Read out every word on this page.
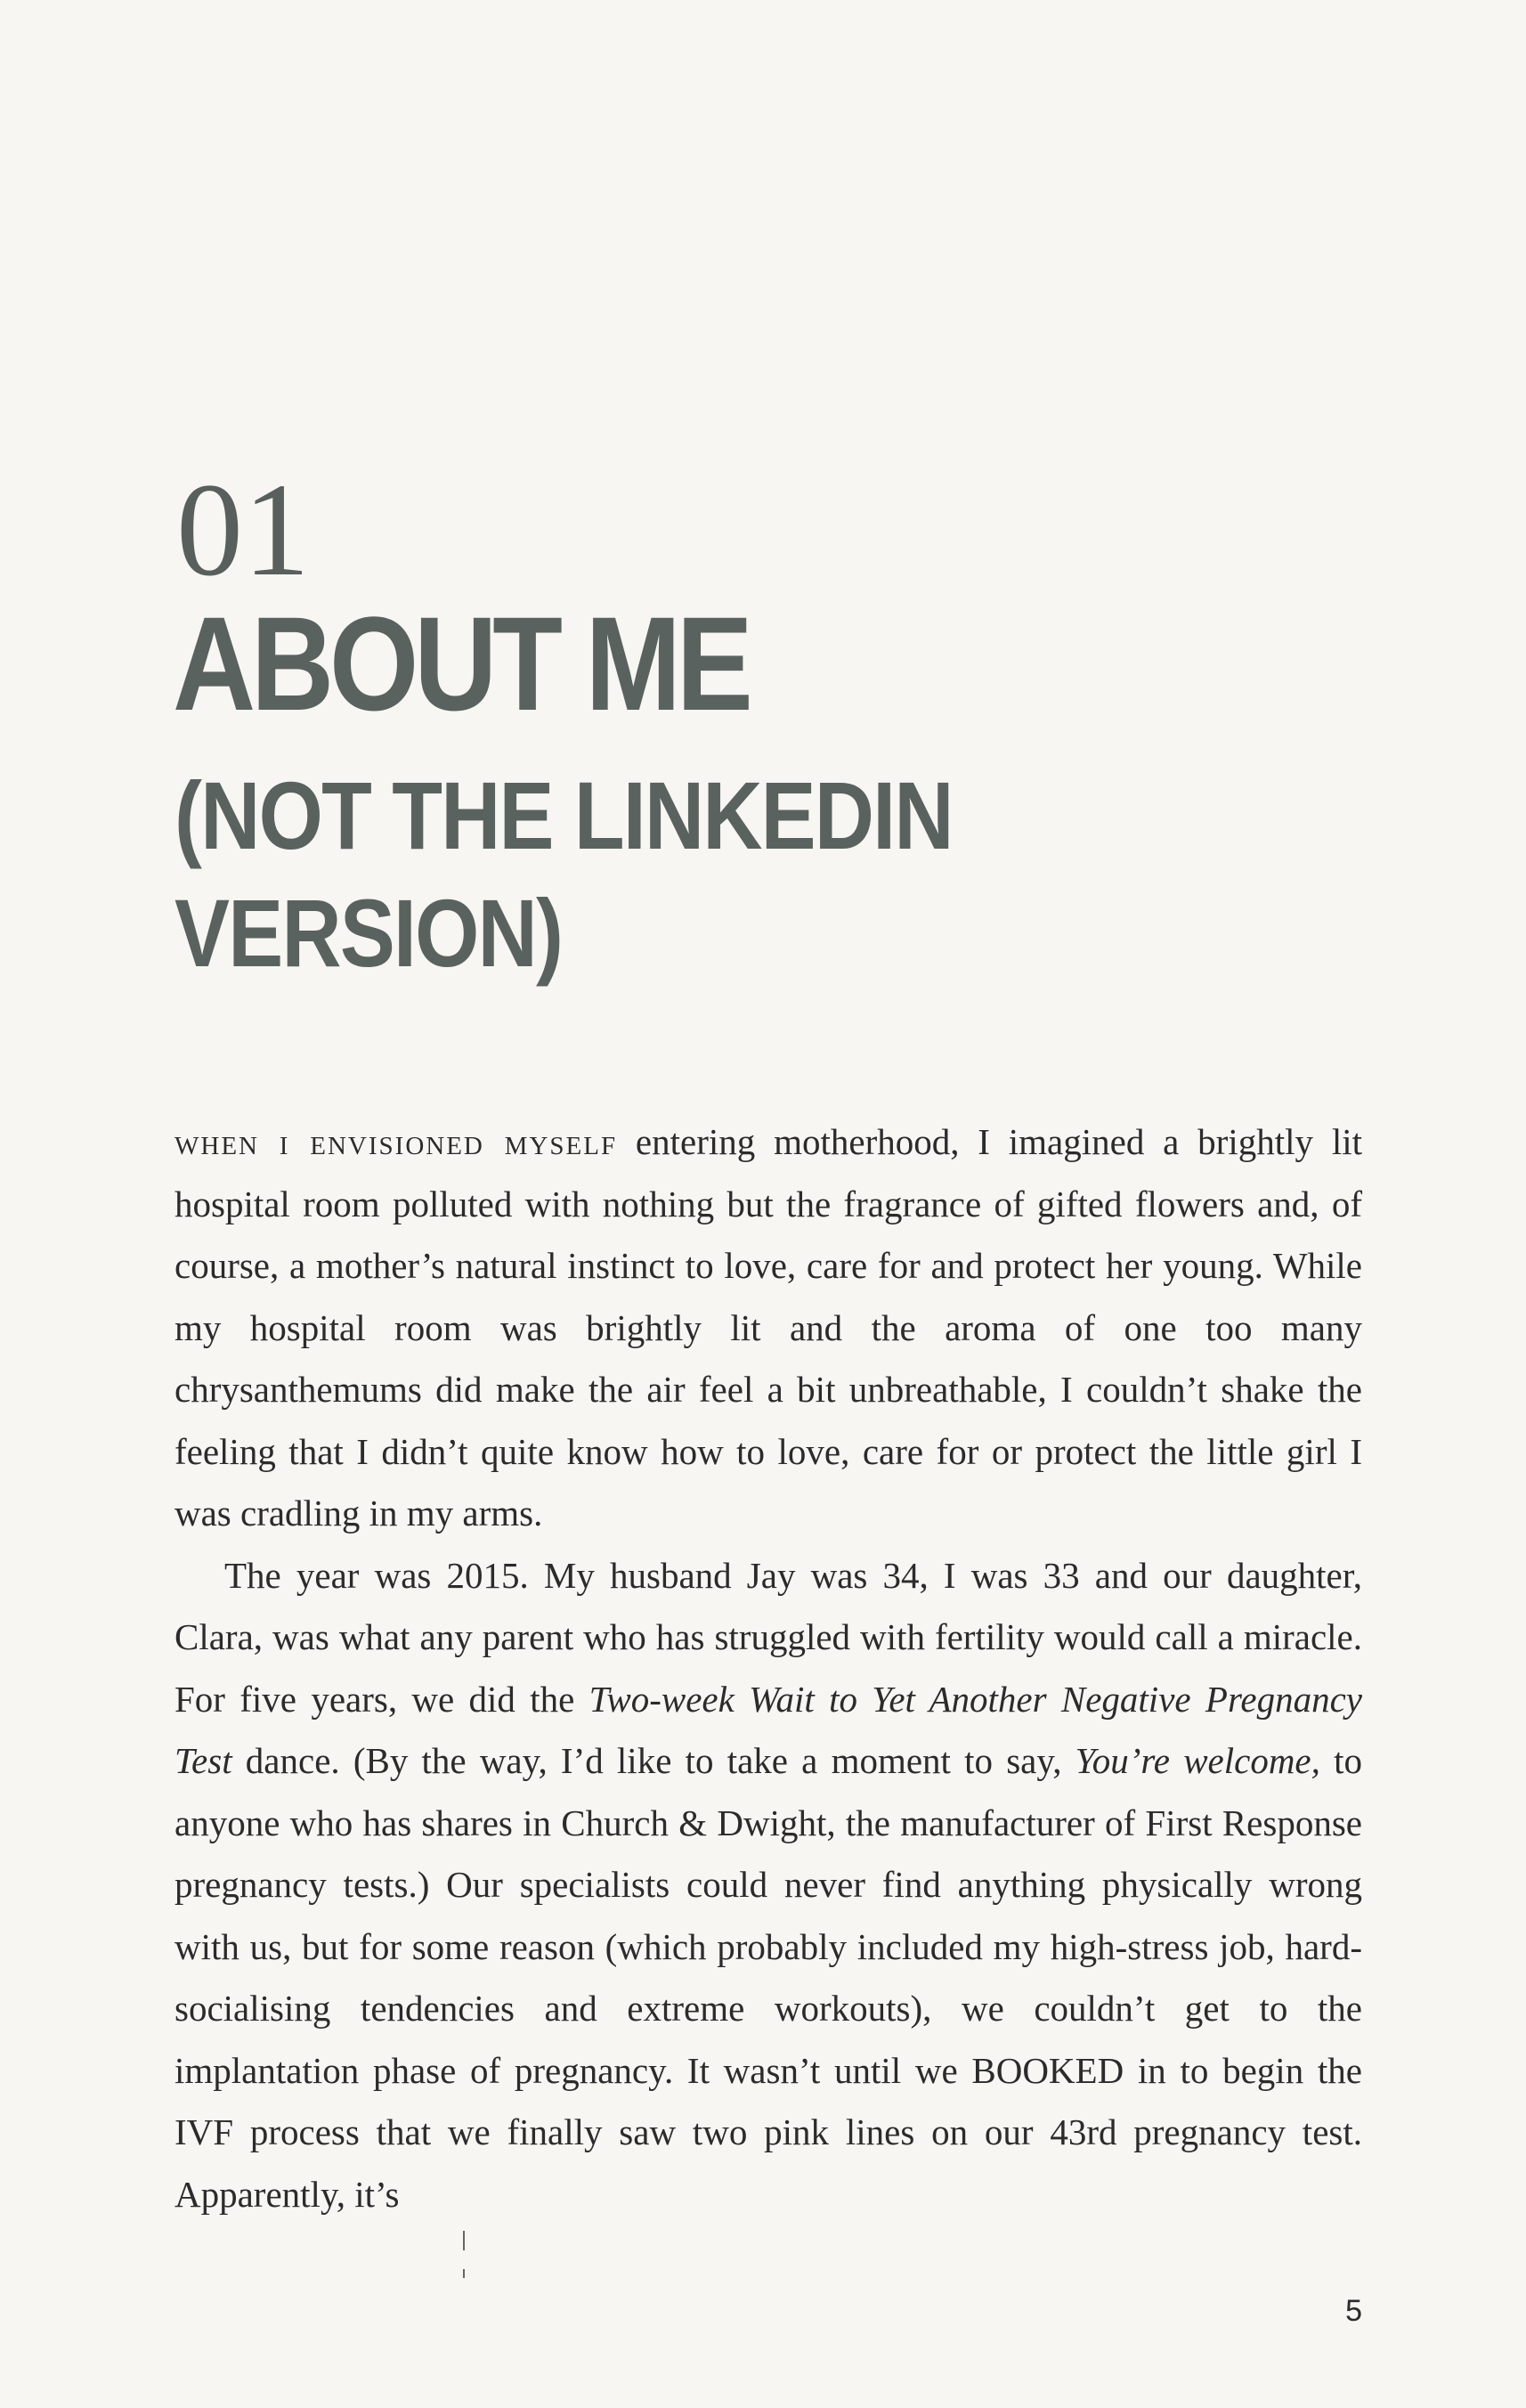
01
ABOUT ME
(NOT THE LINKEDIN VERSION)

when i envisioned myself entering motherhood, I imagined a brightly lit hospital room polluted with nothing but the fragrance of gifted flowers and, of course, a mother’s natural instinct to love, care for and protect her young. While my hospital room was brightly lit and the aroma of one too many chrysanthemums did make the air feel a bit unbreathable, I couldn’t shake the feeling that I didn’t quite know how to love, care for or protect the little girl I was cradling in my arms.

The year was 2015. My husband Jay was 34, I was 33 and our daughter, Clara, was what any parent who has struggled with fertility would call a miracle. For five years, we did the Two-week Wait to Yet Another Negative Pregnancy Test dance. (By the way, I’d like to take a moment to say, You’re welcome, to anyone who has shares in Church & Dwight, the manufacturer of First Response pregnancy tests.) Our specialists could never find anything physically wrong with us, but for some reason (which probably included my high-stress job, hard-socialising tendencies and extreme workouts), we couldn’t get to the implantation phase of pregnancy. It wasn’t until we BOOKED in to begin the IVF process that we finally saw two pink lines on our 43rd pregnancy test. Apparently, it’s

5
